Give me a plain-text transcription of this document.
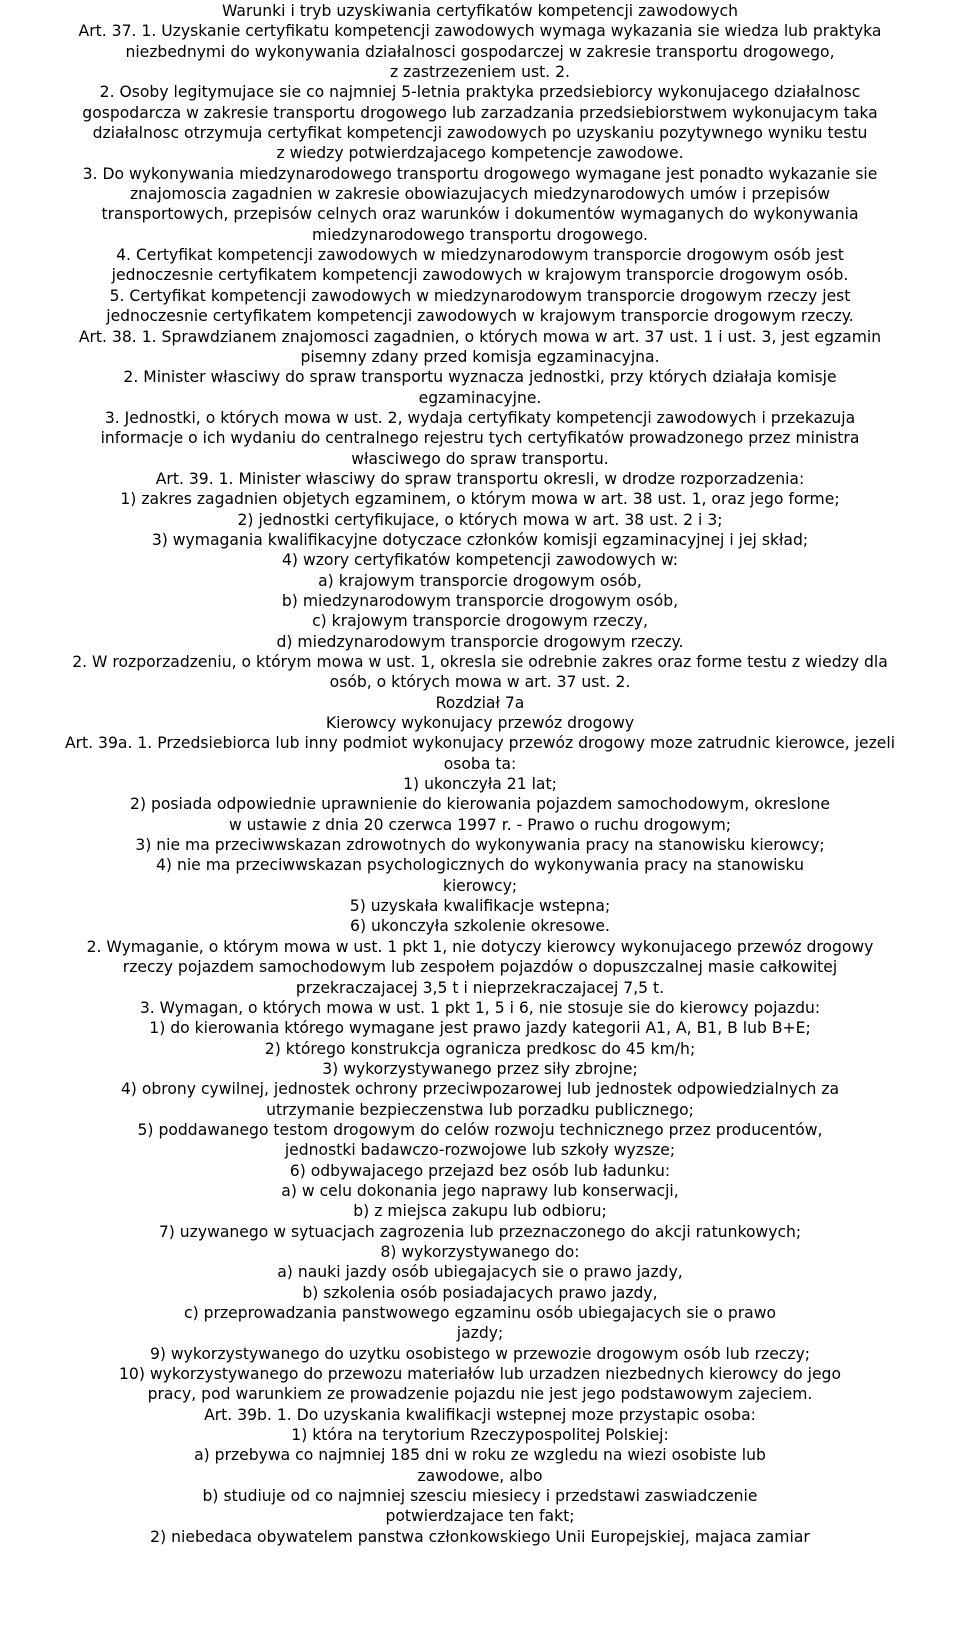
Warunki i tryb uzyskiwania certyfikatów kompetencji zawodowych

Art. 37. 1. Uzyskanie certyfikatu kompetencji zawodowych wymaga wykazania sie wiedza lub praktyka

niezbednymi do wykonywania działalnosci gospodarczej w zakresie transportu drogowego,

z zastrzezeniem ust. 2.

2. Osoby legitymujace sie co najmniej 5-letnia praktyka przedsiebiorcy wykonujacego działalnosc

gospodarcza w zakresie transportu drogowego lub zarzadzania przedsiebiorstwem wykonujacym taka

działalnosc otrzymuja certyfikat kompetencji zawodowych po uzyskaniu pozytywnego wyniku testu

z wiedzy potwierdzajacego kompetencje zawodowe.

3. Do wykonywania miedzynarodowego transportu drogowego wymagane jest ponadto wykazanie sie

znajomoscia zagadnien w zakresie obowiazujacych miedzynarodowych umów i przepisów

transportowych, przepisów celnych oraz warunków i dokumentów wymaganych do wykonywania

miedzynarodowego transportu drogowego.

4. Certyfikat kompetencji zawodowych w miedzynarodowym transporcie drogowym osób jest

jednoczesnie certyfikatem kompetencji zawodowych w krajowym transporcie drogowym osób.

5. Certyfikat kompetencji zawodowych w miedzynarodowym transporcie drogowym rzeczy jest

jednoczesnie certyfikatem kompetencji zawodowych w krajowym transporcie drogowym rzeczy.

Art. 38. 1. Sprawdzianem znajomosci zagadnien, o których mowa w art. 37 ust. 1 i ust. 3, jest egzamin

pisemny zdany przed komisja egzaminacyjna.

2. Minister własciwy do spraw transportu wyznacza jednostki, przy których działaja komisje

egzaminacyjne.

3. Jednostki, o których mowa w ust. 2, wydaja certyfikaty kompetencji zawodowych i przekazuja

informacje o ich wydaniu do centralnego rejestru tych certyfikatów prowadzonego przez ministra

własciwego do spraw transportu.

Art. 39. 1. Minister własciwy do spraw transportu okresli, w drodze rozporzadzenia:

1) zakres zagadnien objetych egzaminem, o którym mowa w art. 38 ust. 1, oraz jego forme;

2) jednostki certyfikujace, o których mowa w art. 38 ust. 2 i 3;

3) wymagania kwalifikacyjne dotyczace członków komisji egzaminacyjnej i jej skład;

4) wzory certyfikatów kompetencji zawodowych w:

a) krajowym transporcie drogowym osób,

b) miedzynarodowym transporcie drogowym osób,

c) krajowym transporcie drogowym rzeczy,

d) miedzynarodowym transporcie drogowym rzeczy.

2. W rozporzadzeniu, o którym mowa w ust. 1, okresla sie odrebnie zakres oraz forme testu z wiedzy dla

osób, o których mowa w art. 37 ust. 2.

Rozdział 7a

Kierowcy wykonujacy przewóz drogowy

Art. 39a. 1. Przedsiebiorca lub inny podmiot wykonujacy przewóz drogowy moze zatrudnic kierowce, jezeli

osoba ta:

1) ukonczyła 21 lat;

2) posiada odpowiednie uprawnienie do kierowania pojazdem samochodowym, okreslone

w ustawie z dnia 20 czerwca 1997 r. - Prawo o ruchu drogowym;

3) nie ma przeciwwskazan zdrowotnych do wykonywania pracy na stanowisku kierowcy;

4) nie ma przeciwwskazan psychologicznych do wykonywania pracy na stanowisku

kierowcy;

5) uzyskała kwalifikacje wstepna;

6) ukonczyła szkolenie okresowe.

2. Wymaganie, o którym mowa w ust. 1 pkt 1, nie dotyczy kierowcy wykonujacego przewóz drogowy

rzeczy pojazdem samochodowym lub zespołem pojazdów o dopuszczalnej masie całkowitej

przekraczajacej 3,5 t i nieprzekraczajacej 7,5 t.

3. Wymagan, o których mowa w ust. 1 pkt 1, 5 i 6, nie stosuje sie do kierowcy pojazdu:

1) do kierowania którego wymagane jest prawo jazdy kategorii A1, A, B1, B lub B+E;

2) którego konstrukcja ogranicza predkosc do 45 km/h;

3) wykorzystywanego przez siły zbrojne;

4) obrony cywilnej, jednostek ochrony przeciwpozarowej lub jednostek odpowiedzialnych za

utrzymanie bezpieczenstwa lub porzadku publicznego;

5) poddawanego testom drogowym do celów rozwoju technicznego przez producentów,

jednostki badawczo-rozwojowe lub szkoły wyzsze;

6) odbywajacego przejazd bez osób lub ładunku:

a) w celu dokonania jego naprawy lub konserwacji,

b) z miejsca zakupu lub odbioru;

7) uzywanego w sytuacjach zagrozenia lub przeznaczonego do akcji ratunkowych;

8) wykorzystywanego do:

a) nauki jazdy osób ubiegajacych sie o prawo jazdy,

b) szkolenia osób posiadajacych prawo jazdy,

c) przeprowadzania panstwowego egzaminu osób ubiegajacych sie o prawo

jazdy;

9) wykorzystywanego do uzytku osobistego w przewozie drogowym osób lub rzeczy;

10) wykorzystywanego do przewozu materiałów lub urzadzen niezbednych kierowcy do jego

pracy, pod warunkiem ze prowadzenie pojazdu nie jest jego podstawowym zajeciem.

Art. 39b. 1. Do uzyskania kwalifikacji wstepnej moze przystapic osoba:

1) która na terytorium Rzeczypospolitej Polskiej:

a) przebywa co najmniej 185 dni w roku ze wzgledu na wiezi osobiste lub

zawodowe, albo

b) studiuje od co najmniej szesciu miesiecy i przedstawi zaswiadczenie

potwierdzajace ten fakt;

2) niebedaca obywatelem panstwa członkowskiego Unii Europejskiej, majaca zamiar
